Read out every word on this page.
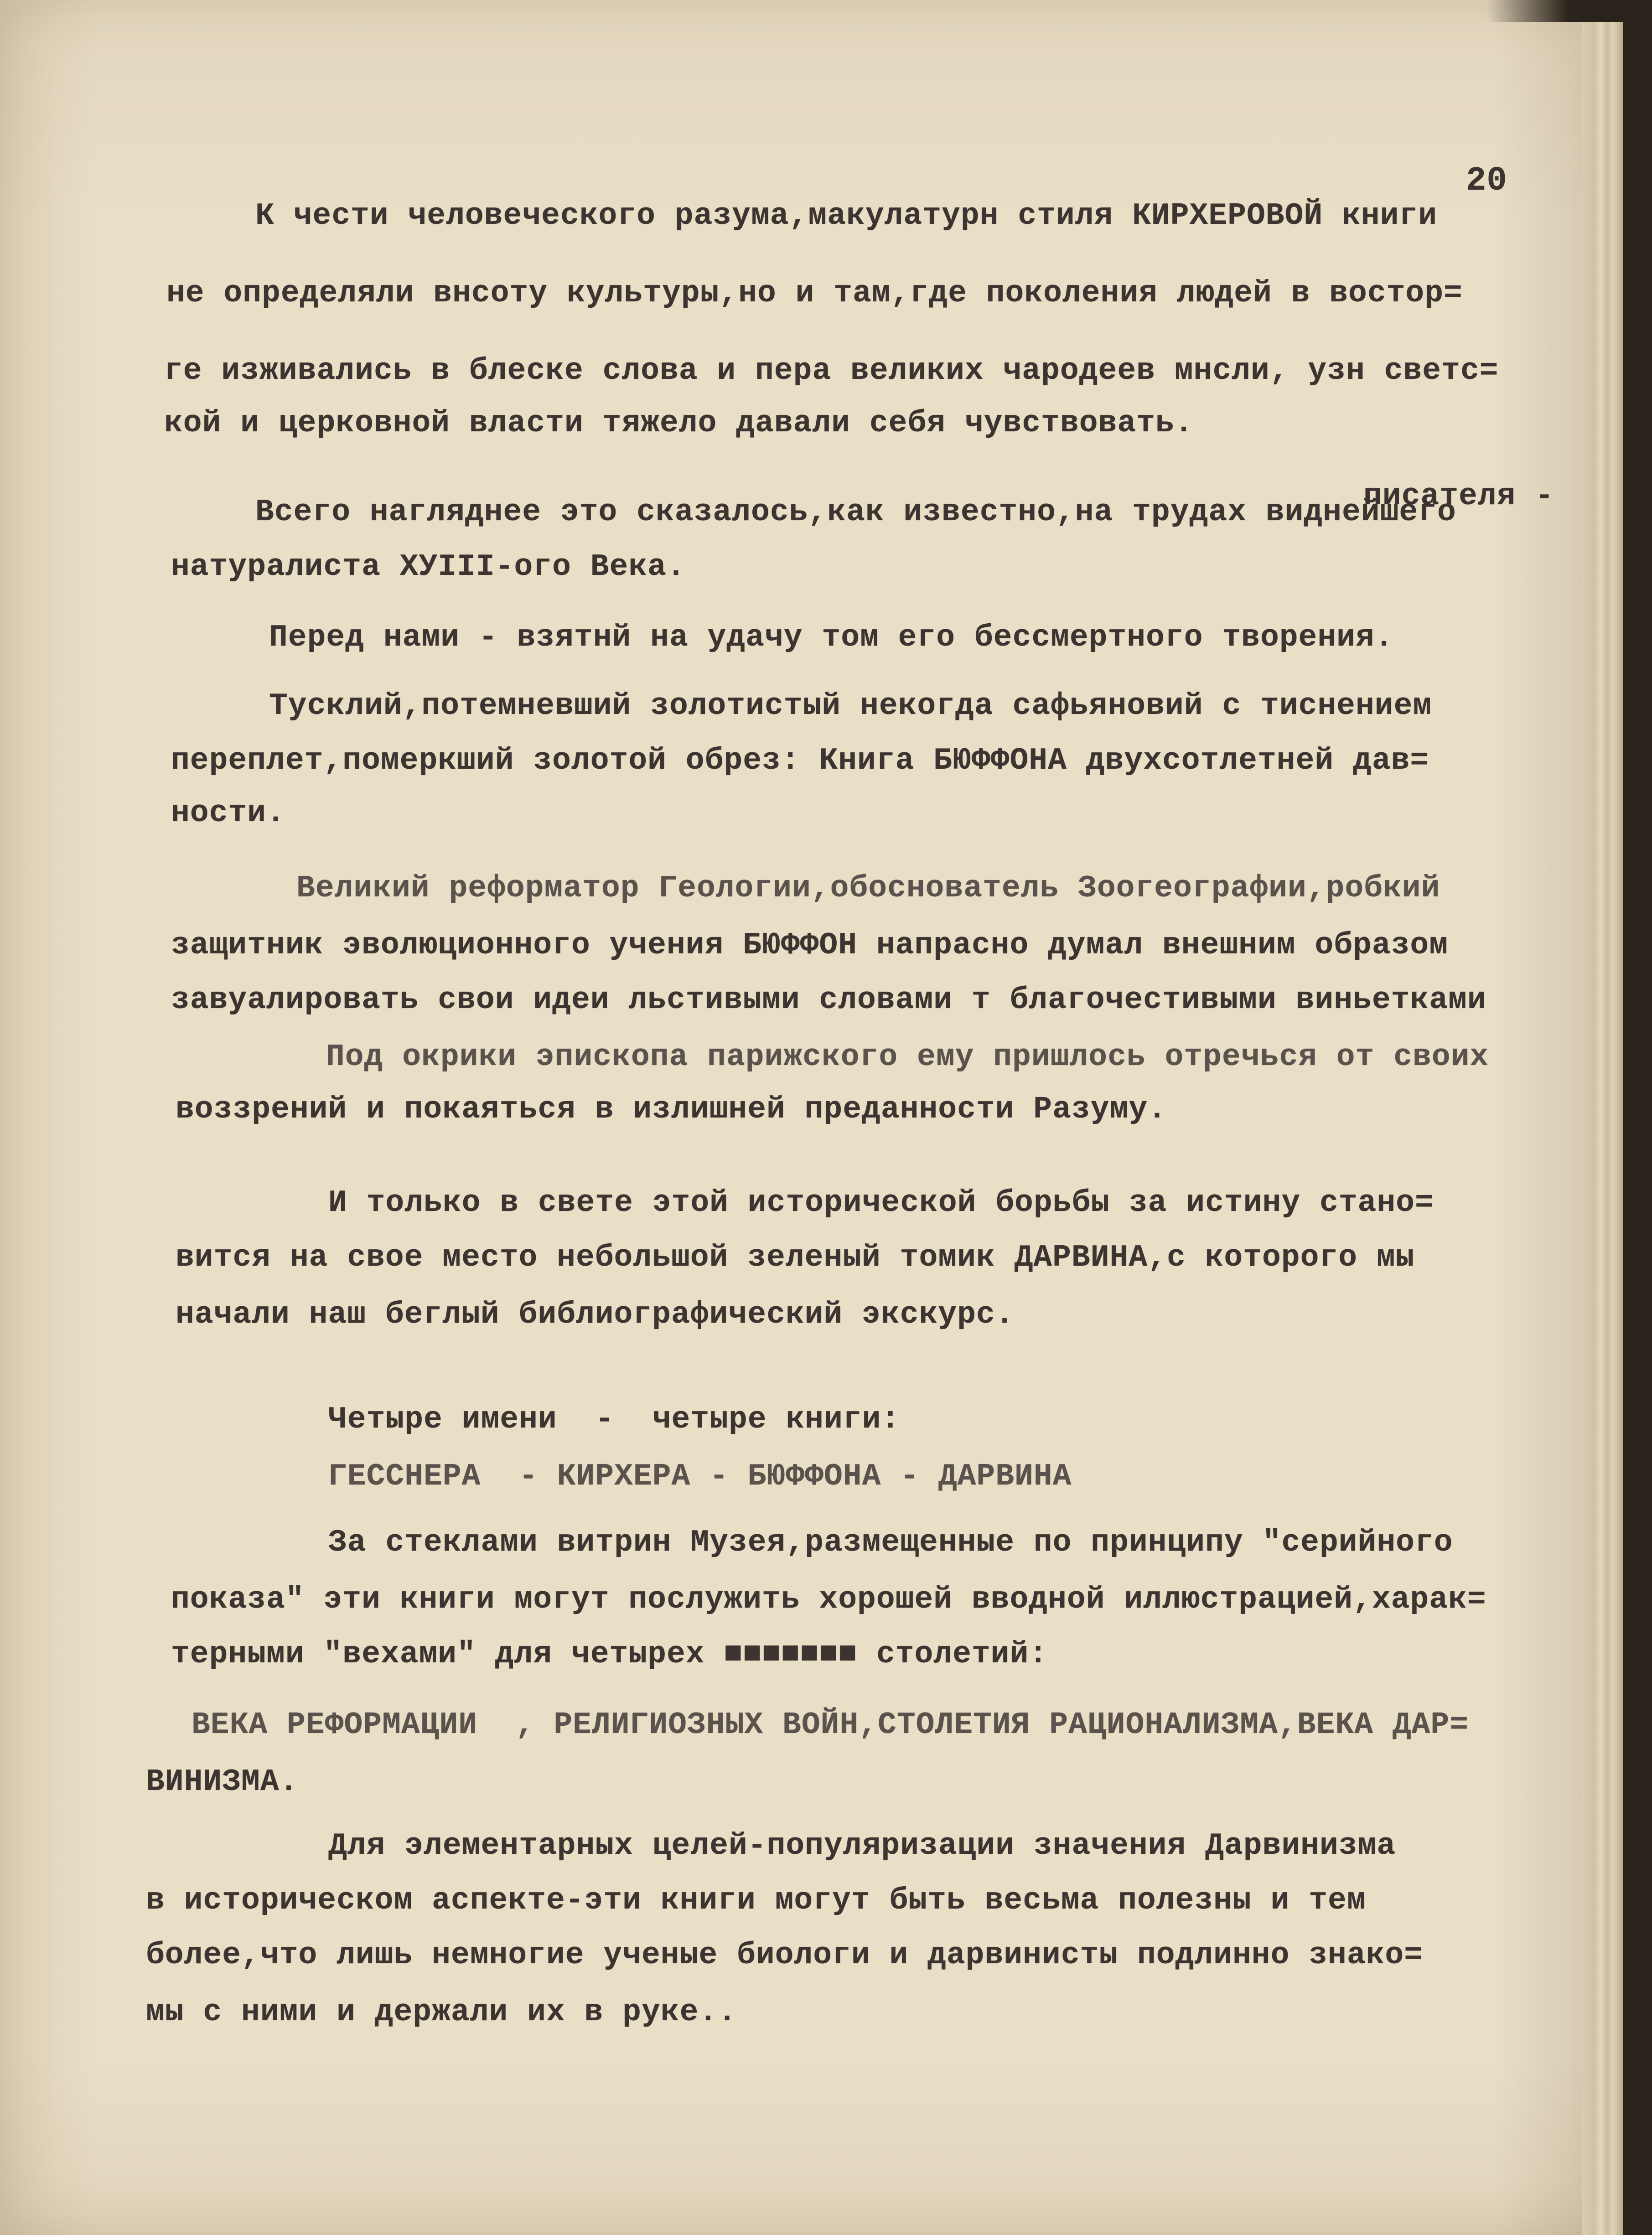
20

К чести человеческого разума,макулатурн стиля КИРХЕРОВОЙ книги

не определяли внсоту культуры,но и там,где поколения людей в востор=

ге изживались в блеске слова и пера великих чародеев мнсли, узн светс=

кой и церковной власти тяжело давали себя чувствовать.

писателя -

Всего нагляднее это сказалось,как известно,на трудах виднейшего

натуралиста ХУIII-ого Века.

Перед нами - взятнй на удачу том его бессмертного творения.

Тусклий,потемневший золотистый некогда сафьяновий с тиснением

переплет,померкший золотой обрез: Книга БЮФФОНА двухсотлетней дав=

ности.

Великий реформатор Геологии,обоснователь Зоогеографии,робкий

защитник эволюционного учения БЮФФОН напрасно думал внешним образом

завуалировать свои идеи льстивыми словами т благочестивыми виньетками

Под окрики эпископа парижского ему пришлось отречься от своих

воззрений и покаяться в излишней преданности Разуму.

И только в свете этой исторической борьбы за истину стано=

вится на свое место небольшой зеленый томик ДАРВИНА,с которого мы

начали наш беглый библиографический экскурс.

Четыре имени  -  четыре книги:

ГЕССНЕРА  - КИРХЕРА - БЮФФОНА - ДАРВИНА

За стеклами витрин Музея,размещенные по принципу "серийного

показа" эти книги могут послужить хорошей вводной иллюстрацией,харак=

терными "вехами" для четырех ■■■■■■■ столетий:

ВЕКА РЕФОРМАЦИИ  , РЕЛИГИОЗНЫХ ВОЙН,СТОЛЕТИЯ РАЦИОНАЛИЗМА,ВЕКА ДАР=

ВИНИЗМА.

Для элементарных целей-популяризации значения Дарвинизма

в историческом аспекте-эти книги могут быть весьма полезны и тем

более,что лишь немногие ученые биологи и дарвинисты подлинно знако=

мы с ними и держали их в руке..
